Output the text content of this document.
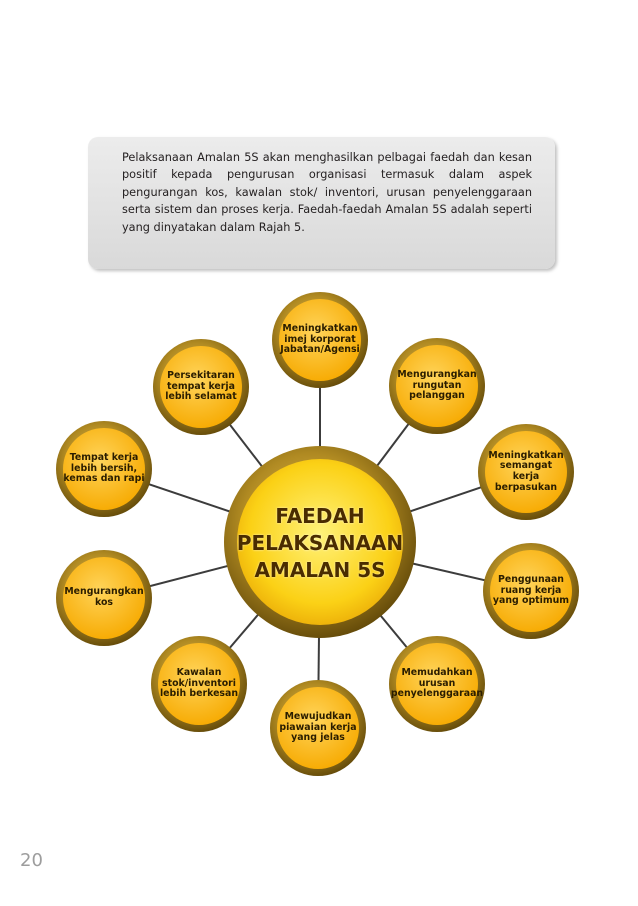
Pelaksanaan Amalan 5S akan menghasilkan pelbagai faedah dan kesan positif kepada pengurusan organisasi termasuk dalam aspek pengurangan kos, kawalan stok/ inventori, urusan penyelenggaraan serta sistem dan proses kerja. Faedah-faedah Amalan 5S adalah seperti yang dinyatakan dalam Rajah 5.

FAEDAH
PELAKSANAAN
AMALAN 5S
Meningkatkan imej korporat Jabatan/Agensi
Mengurangkan rungutan pelanggan
Meningkatkan semangat kerja berpasukan
Penggunaan ruang kerja yang optimum
Memudahkan urusan penyelenggaraan
Mewujudkan piawaian kerja yang jelas
Kawalan stok/inventori lebih berkesan
Mengurangkan kos
Tempat kerja lebih bersih, kemas dan rapi
Persekitaran tempat kerja lebih selamat
20
